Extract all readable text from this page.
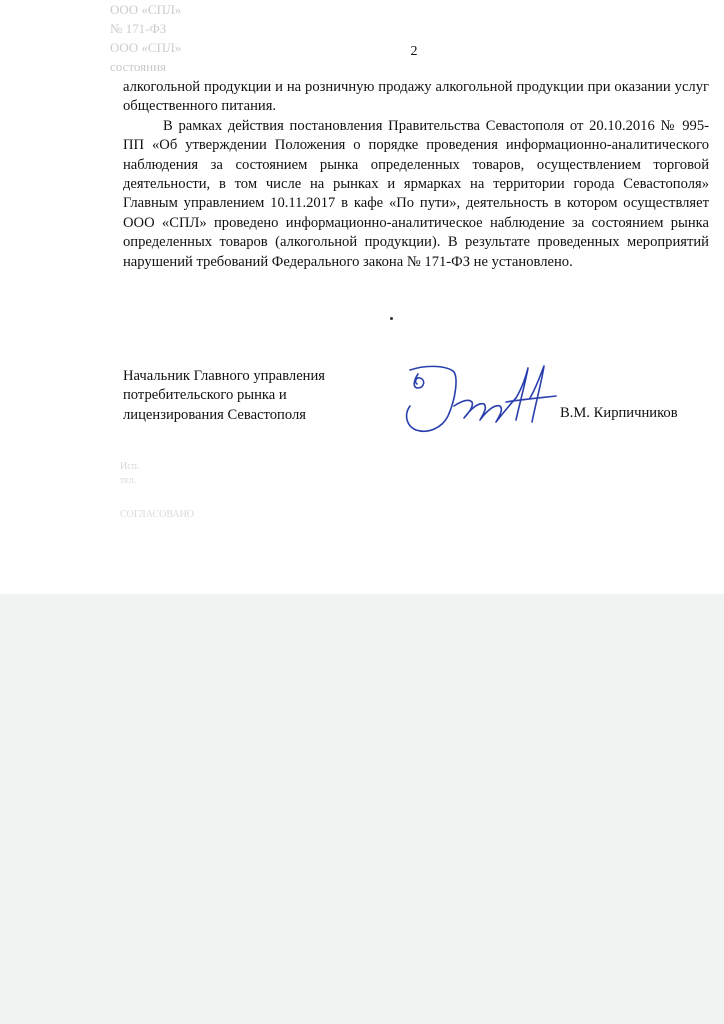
ООО «СПЛ»
№ 171-ФЗ
ООО «СПЛ»
состояния
Исп.
тел.
СОГЛАСОВАНО
2

алкогольной продукции и на розничную продажу алкогольной продукции при оказании услуг общественного питания.

В рамках действия постановления Правительства Севастополя от 20.10.2016 № 995-ПП «Об утверждении Положения о порядке проведения информационно-аналитического наблюдения за состоянием рынка определенных товаров, осуществлением торговой деятельности, в том числе на рынках и ярмарках на территории города Севастополя» Главным управлением 10.11.2017 в кафе «По пути», деятельность в котором осуществляет ООО «СПЛ» проведено информационно-аналитическое наблюдение за состоянием рынка определенных товаров (алкогольной продукции). В результате проведенных мероприятий нарушений требований Федерального закона № 171-ФЗ не установлено.

Начальник Главного управления
потребительского рынка и
лицензирования Севастополя	В.М. Кирпичников
